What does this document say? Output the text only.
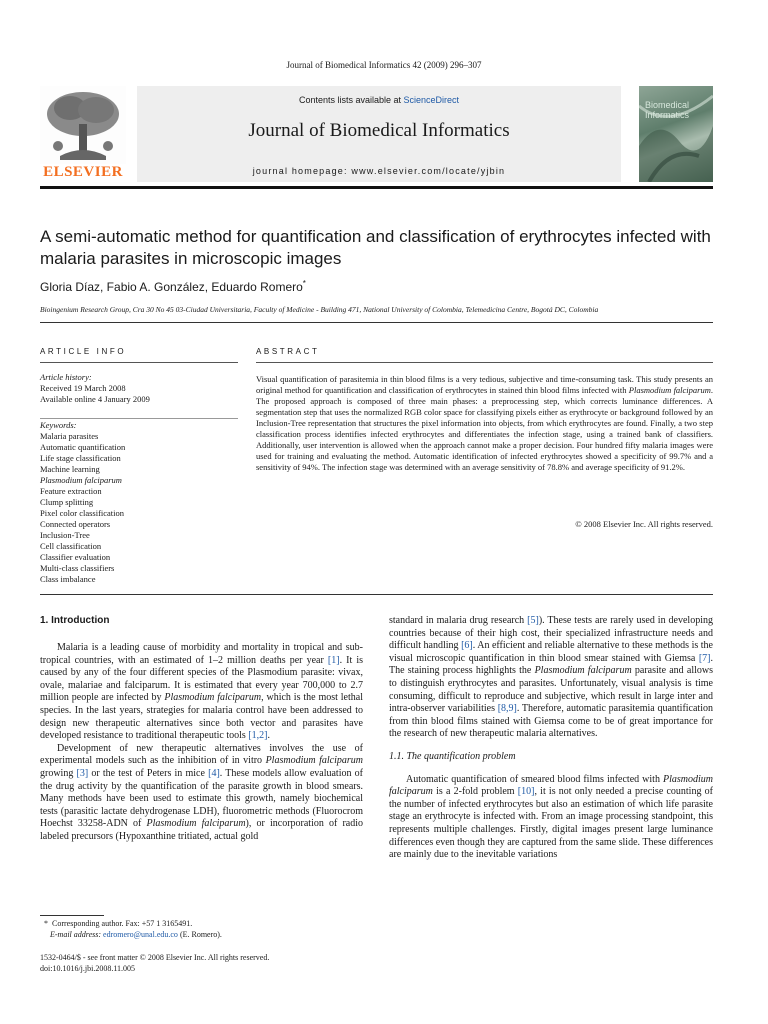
Journal of Biomedical Informatics 42 (2009) 296–307
ELSEVIER
Contents lists available at ScienceDirect
Journal of Biomedical Informatics
journal homepage: www.elsevier.com/locate/yjbin
Biomedical Informatics
A semi-automatic method for quantification and classification of erythrocytes infected with malaria parasites in microscopic images
Gloria Díaz, Fabio A. González, Eduardo Romero*
Bioingenium Research Group, Cra 30 No 45 03-Ciudad Universitaria, Faculty of Medicine - Building 471, National University of Colombia, Telemedicina Centre, Bogotá DC, Colombia
ARTICLE INFO
Article history:
Received 19 March 2008
Available online 4 January 2009
Keywords:
Malaria parasites
Automatic quantification
Life stage classification
Machine learning
Plasmodium falciparum
Feature extraction
Clump splitting
Pixel color classification
Connected operators
Inclusion-Tree
Cell classification
Classifier evaluation
Multi-class classifiers
Class imbalance
ABSTRACT
Visual quantification of parasitemia in thin blood films is a very tedious, subjective and time-consuming task. This study presents an original method for quantification and classification of erythrocytes in stained thin blood films infected with Plasmodium falciparum. The proposed approach is composed of three main phases: a preprocessing step, which corrects luminance differences. A segmentation step that uses the normalized RGB color space for classifying pixels either as erythrocyte or background followed by an Inclusion-Tree representation that structures the pixel information into objects, from which erythrocytes are found. Finally, a two step classification process identifies infected erythrocytes and differentiates the infection stage, using a trained bank of classifiers. Additionally, user intervention is allowed when the approach cannot make a proper decision. Four hundred fifty malaria images were used for training and evaluating the method. Automatic identification of infected erythrocytes showed a specificity of 99.7% and a sensitivity of 94%. The infection stage was determined with an average sensitivity of 78.8% and average specificity of 91.2%.
© 2008 Elsevier Inc. All rights reserved.
1. Introduction

Malaria is a leading cause of morbidity and mortality in tropical and sub-tropical countries, with an estimated of 1–2 million deaths per year [1]. It is caused by any of the four different species of the Plasmodium parasite: vivax, ovale, malariae and falciparum. It is estimated that every year 700,000 to 2.7 million people are infected by Plasmodium falciparum, which is the most lethal species. In the last years, strategies for malaria control have been addressed to design new therapeutic alternatives since both vector and parasites have developed resistance to traditional therapeutic tools [1,2].

Development of new therapeutic alternatives involves the use of experimental models such as the inhibition of in vitro Plasmodium falciparum growing [3] or the test of Peters in mice [4]. These models allow evaluation of the drug activity by the quantification of the parasite growth in blood smears. Many methods have been used to estimate this growth, namely biochemical tests (parasitic lactate dehydrogenase LDH), fluorometric methods (Fluorocrom Hoechst 33258-ADN of Plasmodium falciparum), or incorporation of radio labeled precursors (Hypoxanthine tritiated, actual gold

standard in malaria drug research [5]). These tests are rarely used in developing countries because of their high cost, their specialized infrastructure needs and difficult handling [6]. An efficient and reliable alternative to these methods is the visual microscopic quantification in thin blood smear stained with Giemsa [7]. The staining process highlights the Plasmodium falciparum parasite and allows to distinguish erythrocytes and parasites. Unfortunately, visual analysis is time consuming, difficult to reproduce and subjective, which result in large inter and intra-observer variabilities [8,9]. Therefore, automatic parasitemia quantification from thin blood films stained with Giemsa come to be of great importance for the research of new therapeutic malaria alternatives.

1.1. The quantification problem

Automatic quantification of smeared blood films infected with Plasmodium falciparum is a 2-fold problem [10], it is not only needed a precise counting of the number of infected erythrocytes but also an estimation of which life parasite stage an erythrocyte is infected with. From an image processing standpoint, this represents multiple challenges. Firstly, digital images present large luminance differences even though they are captured from the same slide. These differences are mainly due to the inevitable variations

* Corresponding author. Fax: +57 1 3165491.
E-mail address: edromero@unal.edu.co (E. Romero).
1532-0464/$ - see front matter © 2008 Elsevier Inc. All rights reserved.
doi:10.1016/j.jbi.2008.11.005
